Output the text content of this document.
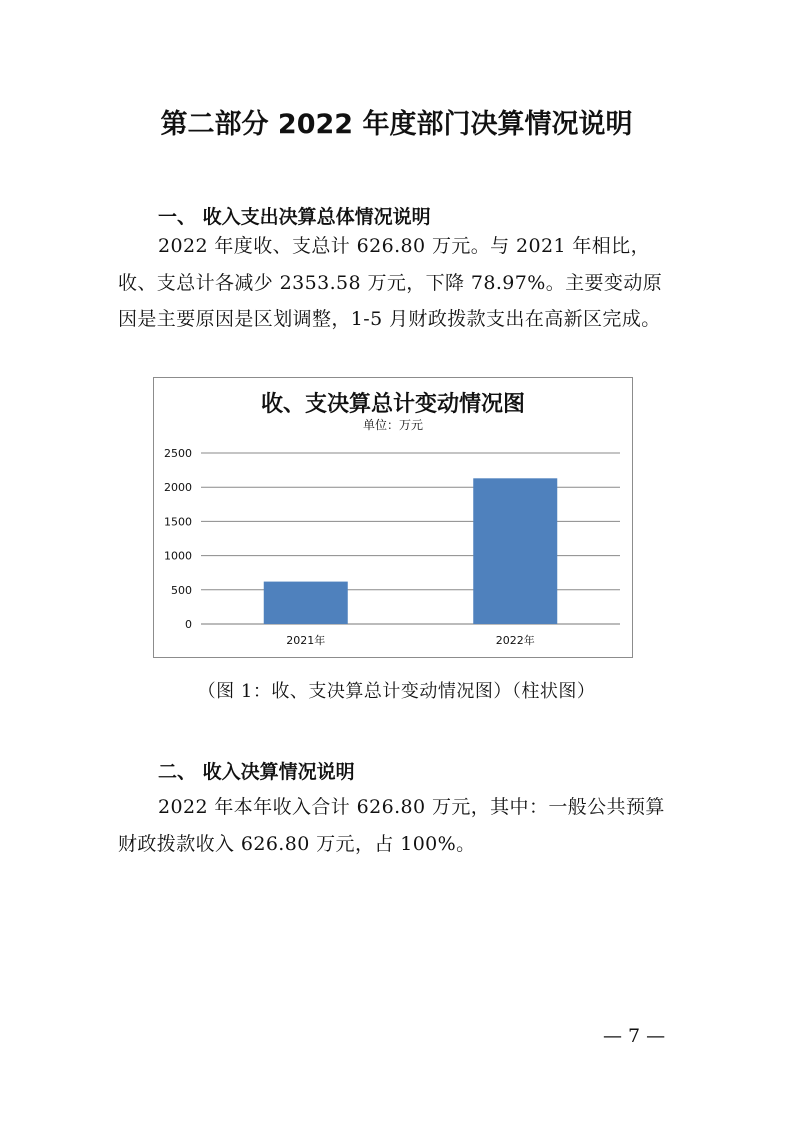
第二部分 2022 年度部门决算情况说明
一、 收入支出决算总体情况说明

2022 年度收、支总计 626.80 万元。与 2021 年相比，收、支总计各减少 2353.58 万元，下降 78.97%。主要变动原因是主要原因是区划调整，1-5 月财政拨款支出在高新区完成。

收、支决算总计变动情况图
单位：万元
0
500
1000
1500
2000
2500
2021年	2022年

（图 1：收、支决算总计变动情况图）（柱状图）

二、 收入决算情况说明

2022 年本年收入合计 626.80 万元，其中：一般公共预算财政拨款收入 626.80 万元，占 100%。

— 7 —
